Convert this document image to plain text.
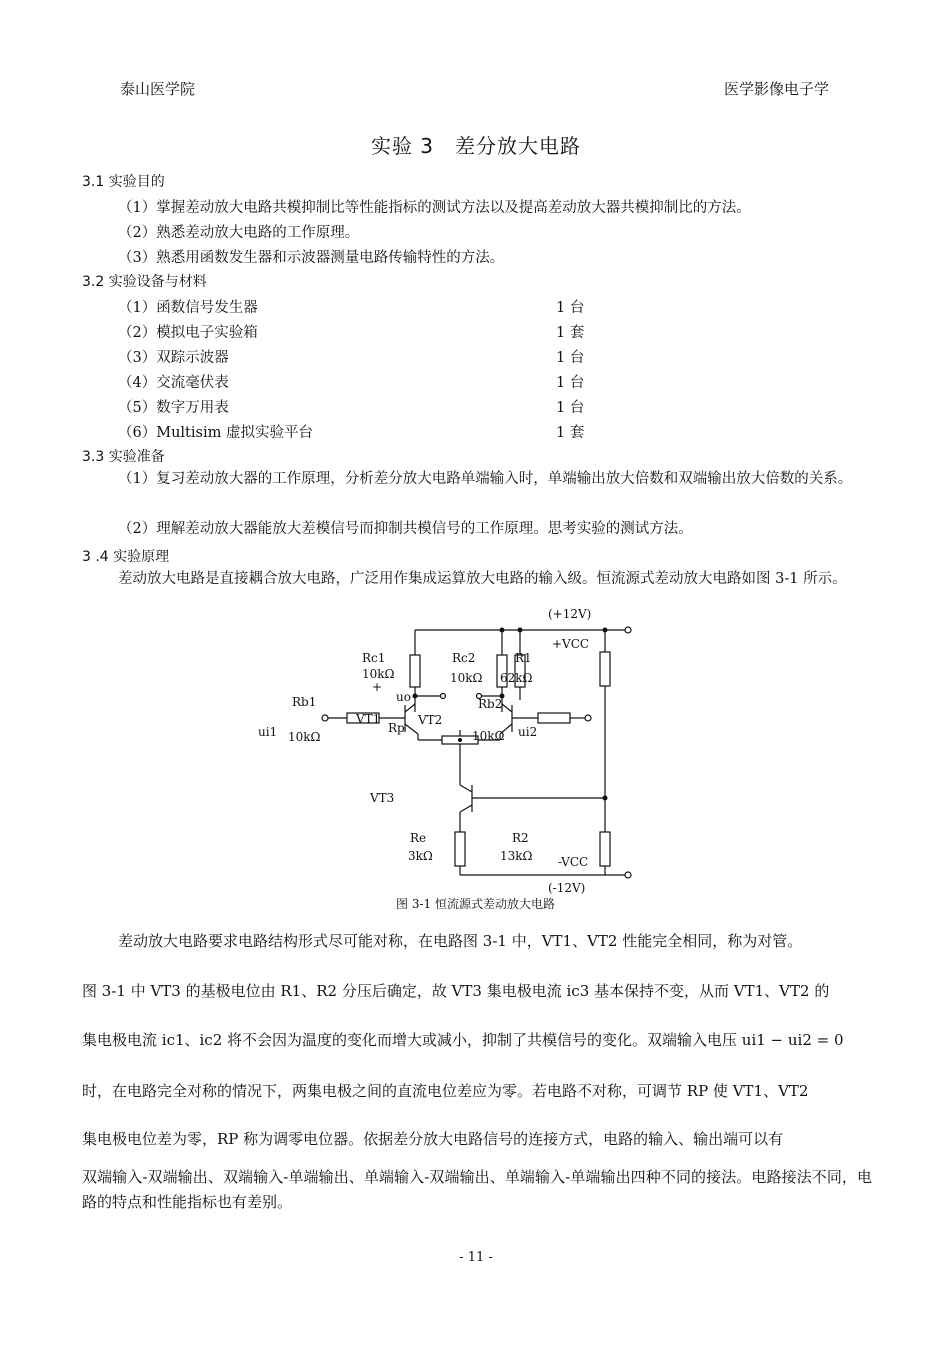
泰山医学院	医学影像电子学
实验 3　差分放大电路
3.1 实验目的
（1）掌握差动放大电路共模抑制比等性能指标的测试方法以及提高差动放大器共模抑制比的方法。
（2）熟悉差动放大电路的工作原理。
（3）熟悉用函数发生器和示波器测量电路传输特性的方法。
3.2 实验设备与材料
（1）函数信号发生器	1 台
（2）模拟电子实验箱	1 套
（3）双踪示波器	1 台
（4）交流毫伏表	1 台
（5）数字万用表	1 台
（6）Multisim 虚拟实验平台	1 套
3.3 实验准备
（1）复习差动放大器的工作原理，分析差分放大电路单端输入时，单端输出放大倍数和双端输出放大倍数的关系。
（2）理解差动放大器能放大差模信号而抑制共模信号的工作原理。思考实验的测试方法。
3 .4 实验原理
差动放大电路是直接耦合放大电路，广泛用作集成运算放大电路的输入级。恒流源式差动放大电路如图 3-1 所示。
(+12V)
+VCC
Rc1
10kΩ
+
Rc2
10kΩ
R1
62kΩ
uo
Rb1
ui1 10kΩ
VT1
Rp
VT2
Rb2
10kΩ ui2
VT3
Re
3kΩ
R2
13kΩ -VCC
(-12V)
图 3-1 恒流源式差动放大电路
差动放大电路要求电路结构形式尽可能对称，在电路图 3-1 中，VT1、VT2 性能完全相同，称为对管。
图 3-1 中 VT3 的基极电位由 R1、R2 分压后确定，故 VT3 集电极电流 ic3 基本保持不变，从而 VT1、VT2 的
集电极电流 ic1、ic2 将不会因为温度的变化而增大或减小，抑制了共模信号的变化。双端输入电压 ui1 − ui2 = 0
时，在电路完全对称的情况下，两集电极之间的直流电位差应为零。若电路不对称，可调节 RP 使 VT1、VT2
集电极电位差为零，RP 称为调零电位器。依据差分放大电路信号的连接方式，电路的输入、输出端可以有
双端输入-双端输出、双端输入-单端输出、单端输入-双端输出、单端输入-单端输出四种不同的接法。电路接法不同，电路的特点和性能指标也有差别。
- 11 -
